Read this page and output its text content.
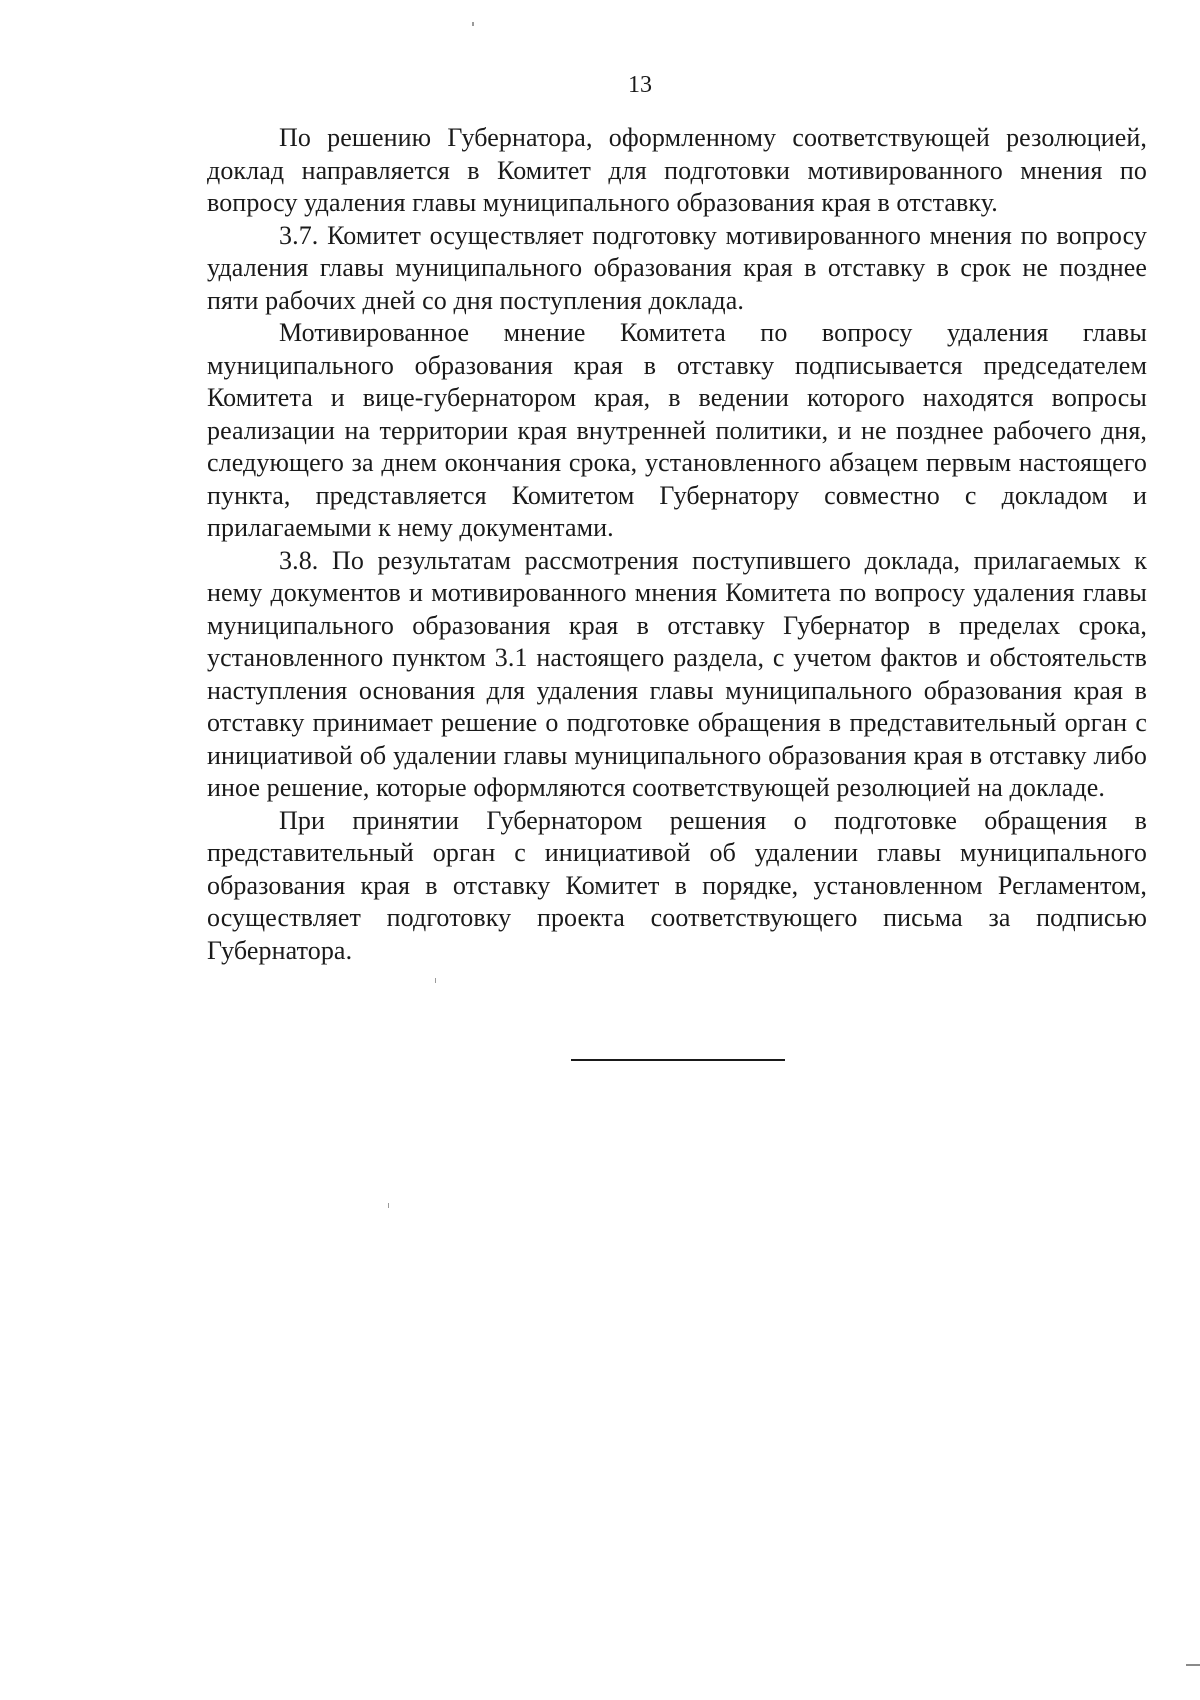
13

По решению Губернатора, оформленному соответствующей резолюцией, доклад направляется в Комитет для подготовки мотивированного мнения по вопросу удаления главы муниципального образования края в отставку.

3.7. Комитет осуществляет подготовку мотивированного мнения по вопросу удаления главы муниципального образования края в отставку в срок не позднее пяти рабочих дней со дня поступления доклада.

Мотивированное мнение Комитета по вопросу удаления главы муниципального образования края в отставку подписывается председателем Комитета и вице-губернатором края, в ведении которого находятся вопросы реализации на территории края внутренней политики, и не позднее рабочего дня, следующего за днем окончания срока, установленного абзацем первым настоящего пункта, представляется Комитетом Губернатору совместно с докладом и прилагаемыми к нему документами.

3.8. По результатам рассмотрения поступившего доклада, прилагаемых к нему документов и мотивированного мнения Комитета по вопросу удаления главы муниципального образования края в отставку Губернатор в пределах срока, установленного пунктом 3.1 настоящего раздела, с учетом фактов и обстоятельств наступления основания для удаления главы муниципального образования края в отставку принимает решение о подготовке обращения в представительный орган с инициативой об удалении главы муниципального образования края в отставку либо иное решение, которые оформляются соответствующей резолюцией на докладе.

При принятии Губернатором решения о подготовке обращения в представительный орган с инициативой об удалении главы муниципального образования края в отставку Комитет в порядке, установленном Регламентом, осуществляет подготовку проекта соответствующего письма за подписью Губернатора.
